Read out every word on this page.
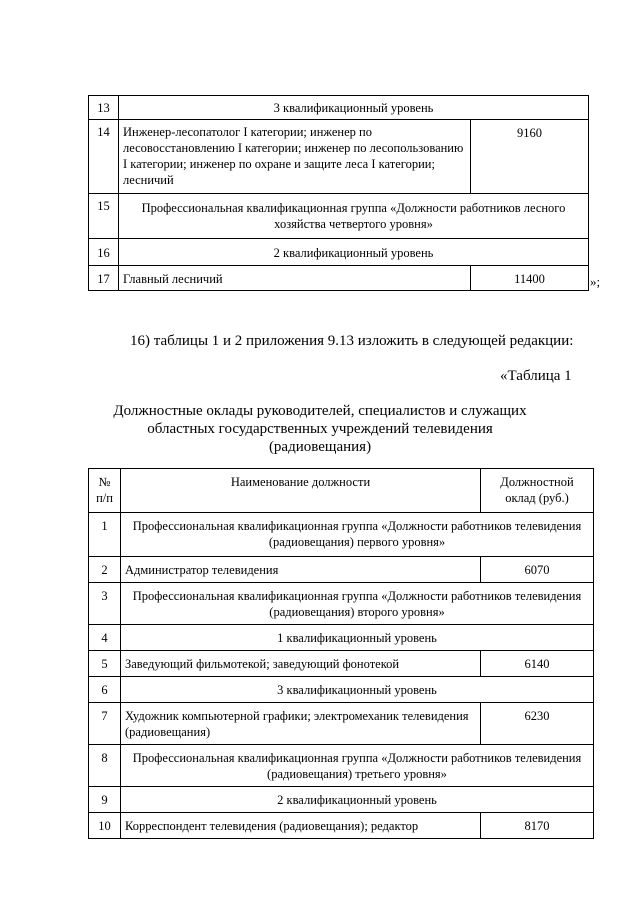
13	3 квалификационный уровень	
14	Инженер-лесопатолог I категории; инженер по лесовосстановлению I категории; инженер по лесопользованию I категории; инженер по охране и защите леса I категории; лесничий	9160
15	Профессиональная квалификационная группа «Должности работников лесного хозяйства четвертого уровня»	
16	2 квалификационный уровень	
17	Главный лесничий	11400	»;
16) таблицы 1 и 2 приложения 9.13 изложить в следующей редакции:
«Таблица 1
Должностные оклады руководителей, специалистов и служащих
областных государственных учреждений телевидения
(радиовещания)
№ п/п	Наименование должности	Должностной оклад (руб.)
1	Профессиональная квалификационная группа «Должности работников телевидения (радиовещания) первого уровня»	
2	Администратор телевидения	6070
3	Профессиональная квалификационная группа «Должности работников телевидения (радиовещания) второго уровня»	
4	1 квалификационный уровень	
5	Заведующий фильмотекой; заведующий фонотекой	6140
6	3 квалификационный уровень	
7	Художник компьютерной графики; электромеханик телевидения (радиовещания)	6230
8	Профессиональная квалификационная группа «Должности работников телевидения (радиовещания) третьего уровня»	
9	2 квалификационный уровень	
10	Корреспондент телевидения (радиовещания); редактор	8170
